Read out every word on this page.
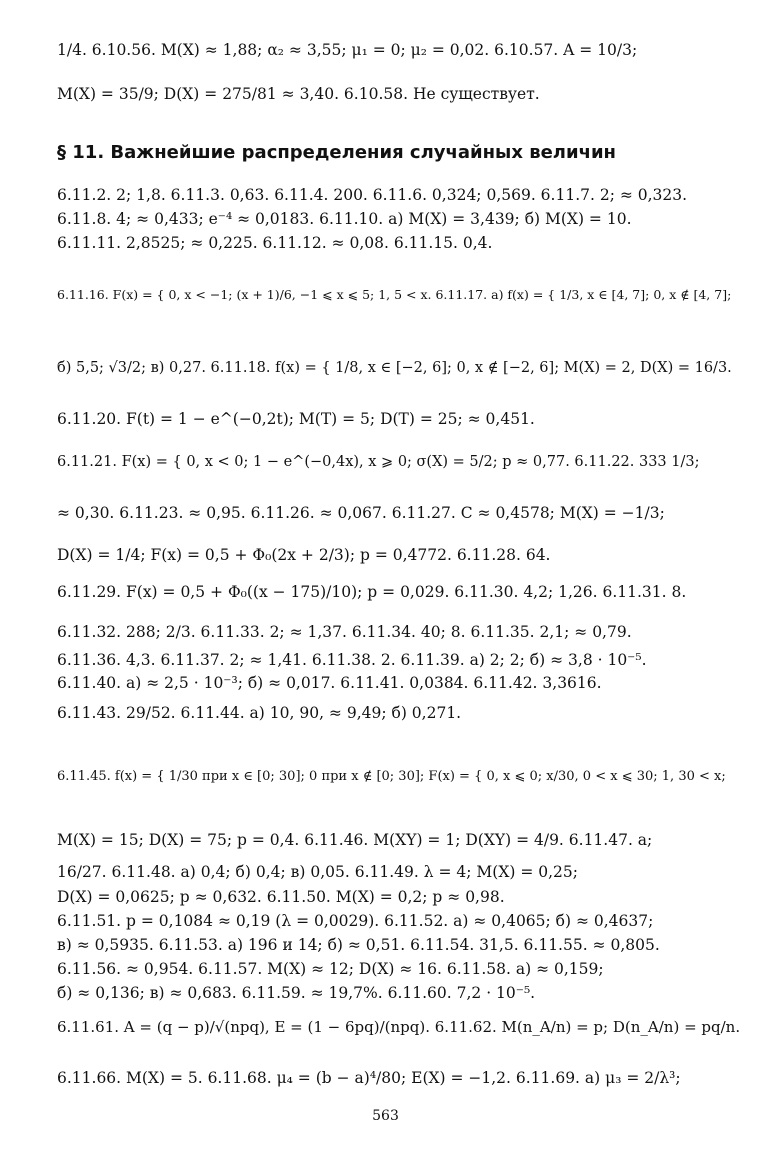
1/4. 6.10.56. M(X) ≈ 1,88; α₂ ≈ 3,55; μ₁ = 0; μ₂ = 0,02. 6.10.57. A = 10/3;
M(X) = 35/9; D(X) = 275/81 ≈ 3,40. 6.10.58. Не существует.
§ 11. Важнейшие распределения случайных величин
6.11.2. 2; 1,8. 6.11.3. 0,63. 6.11.4. 200. 6.11.6. 0,324; 0,569. 6.11.7. 2; ≈ 0,323.
6.11.8. 4; ≈ 0,433; e⁻⁴ ≈ 0,0183. 6.11.10. а) M(X) = 3,439; б) M(X) = 10.
6.11.11. 2,8525; ≈ 0,225. 6.11.12. ≈ 0,08. 6.11.15. 0,4.
6.11.16. F(x) = { 0, x < −1; (x + 1)/6, −1 ⩽ x ⩽ 5; 1, 5 < x. 6.11.17. а) f(x) = { 1/3, x ∈ [4, 7]; 0, x ∉ [4, 7];
б) 5,5; √3/2; в) 0,27. 6.11.18. f(x) = { 1/8, x ∈ [−2, 6]; 0, x ∉ [−2, 6]; M(X) = 2, D(X) = 16/3.
6.11.20. F(t) = 1 − e^(−0,2t); M(T) = 5; D(T) = 25; ≈ 0,451.
6.11.21. F(x) = { 0, x < 0; 1 − e^(−0,4x), x ⩾ 0; σ(X) = 5/2; p ≈ 0,77. 6.11.22. 333 1/3;
≈ 0,30. 6.11.23. ≈ 0,95. 6.11.26. ≈ 0,067. 6.11.27. C ≈ 0,4578; M(X) = −1/3;
D(X) = 1/4; F(x) = 0,5 + Φ₀(2x + 2/3); p = 0,4772. 6.11.28. 64.
6.11.29. F(x) = 0,5 + Φ₀((x − 175)/10); p = 0,029. 6.11.30. 4,2; 1,26. 6.11.31. 8.
6.11.32. 288; 2/3. 6.11.33. 2; ≈ 1,37. 6.11.34. 40; 8. 6.11.35. 2,1; ≈ 0,79.
6.11.36. 4,3. 6.11.37. 2; ≈ 1,41. 6.11.38. 2. 6.11.39. а) 2; 2; б) ≈ 3,8 · 10⁻⁵.
6.11.40. а) ≈ 2,5 · 10⁻³; б) ≈ 0,017. 6.11.41. 0,0384. 6.11.42. 3,3616.
6.11.43. 29/52. 6.11.44. а) 10, 90, ≈ 9,49; б) 0,271.
6.11.45. f(x) = { 1/30 при x ∈ [0; 30]; 0 при x ∉ [0; 30]; F(x) = { 0, x ⩽ 0; x/30, 0 < x ⩽ 30; 1, 30 < x;
M(X) = 15; D(X) = 75; p = 0,4. 6.11.46. M(XY) = 1; D(XY) = 4/9. 6.11.47. a;
16/27. 6.11.48. а) 0,4; б) 0,4; в) 0,05. 6.11.49. λ = 4; M(X) = 0,25;
D(X) = 0,0625; p ≈ 0,632. 6.11.50. M(X) = 0,2; p ≈ 0,98.
6.11.51. p = 0,1084 ≈ 0,19 (λ = 0,0029). 6.11.52. а) ≈ 0,4065; б) ≈ 0,4637;
в) ≈ 0,5935. 6.11.53. а) 196 и 14; б) ≈ 0,51. 6.11.54. 31,5. 6.11.55. ≈ 0,805.
6.11.56. ≈ 0,954. 6.11.57. M(X) ≈ 12; D(X) ≈ 16. 6.11.58. а) ≈ 0,159;
б) ≈ 0,136; в) ≈ 0,683. 6.11.59. ≈ 19,7%. 6.11.60. 7,2 · 10⁻⁵.
6.11.61. A = (q − p)/√(npq), E = (1 − 6pq)/(npq). 6.11.62. M(n_A/n) = p; D(n_A/n) = pq/n.
6.11.66. M(X) = 5. 6.11.68. μ₄ = (b − a)⁴/80; E(X) = −1,2. 6.11.69. а) μ₃ = 2/λ³;
563
